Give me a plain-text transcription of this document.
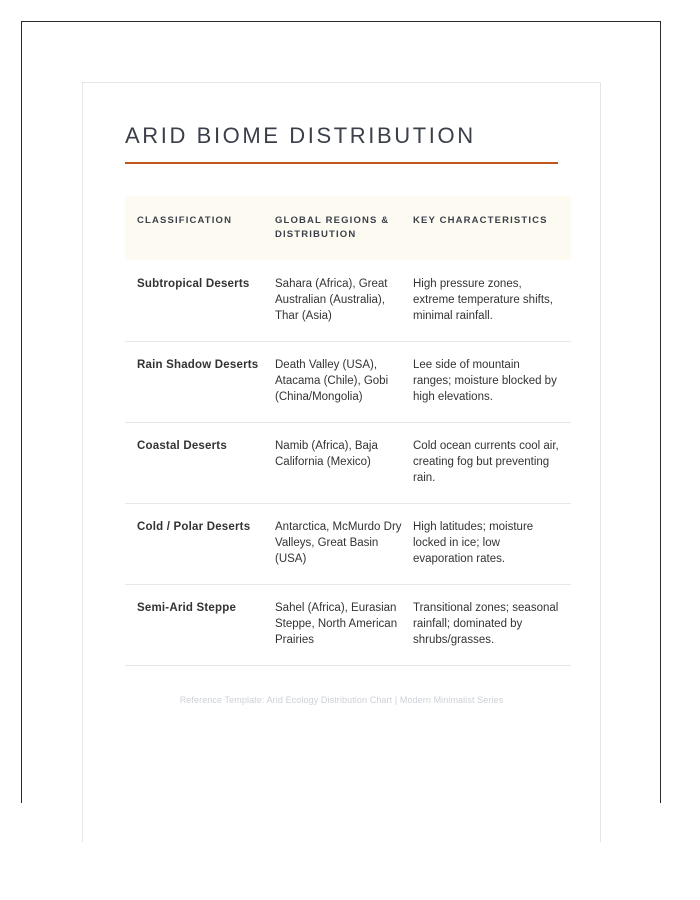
ARID BIOME DISTRIBUTION
CLASSIFICATION	GLOBAL REGIONS & DISTRIBUTION	KEY CHARACTERISTICS
Subtropical Deserts	Sahara (Africa), Great Australian (Australia), Thar (Asia)	High pressure zones, extreme temperature shifts, minimal rainfall.
Rain Shadow Deserts	Death Valley (USA), Atacama (Chile), Gobi (China/Mongolia)	Lee side of mountain ranges; moisture blocked by high elevations.
Coastal Deserts	Namib (Africa), Baja California (Mexico)	Cold ocean currents cool air, creating fog but preventing rain.
Cold / Polar Deserts	Antarctica, McMurdo Dry Valleys, Great Basin (USA)	High latitudes; moisture locked in ice; low evaporation rates.
Semi-Arid Steppe	Sahel (Africa), Eurasian Steppe, North American Prairies	Transitional zones; seasonal rainfall; dominated by shrubs/grasses.
Reference Template: Arid Ecology Distribution Chart | Modern Minimalist Series
